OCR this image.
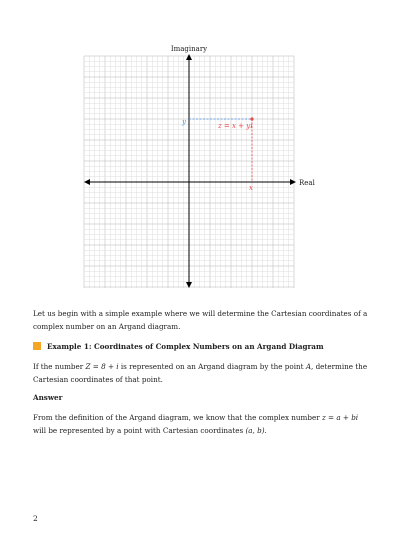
Imaginary
Real
z = x + yi
x
y

Let us begin with a simple example where we will determine the Cartesian coordinates of a complex number on an Argand diagram.

Example 1: Coordinates of Complex Numbers on an Argand Diagram

If the number Z = 8 + i is represented on an Argand diagram by the point A, determine the Cartesian coordinates of that point.

Answer

From the definition of the Argand diagram, we know that the complex number z = a + bi will be represented by a point with Cartesian coordinates (a, b).

2
